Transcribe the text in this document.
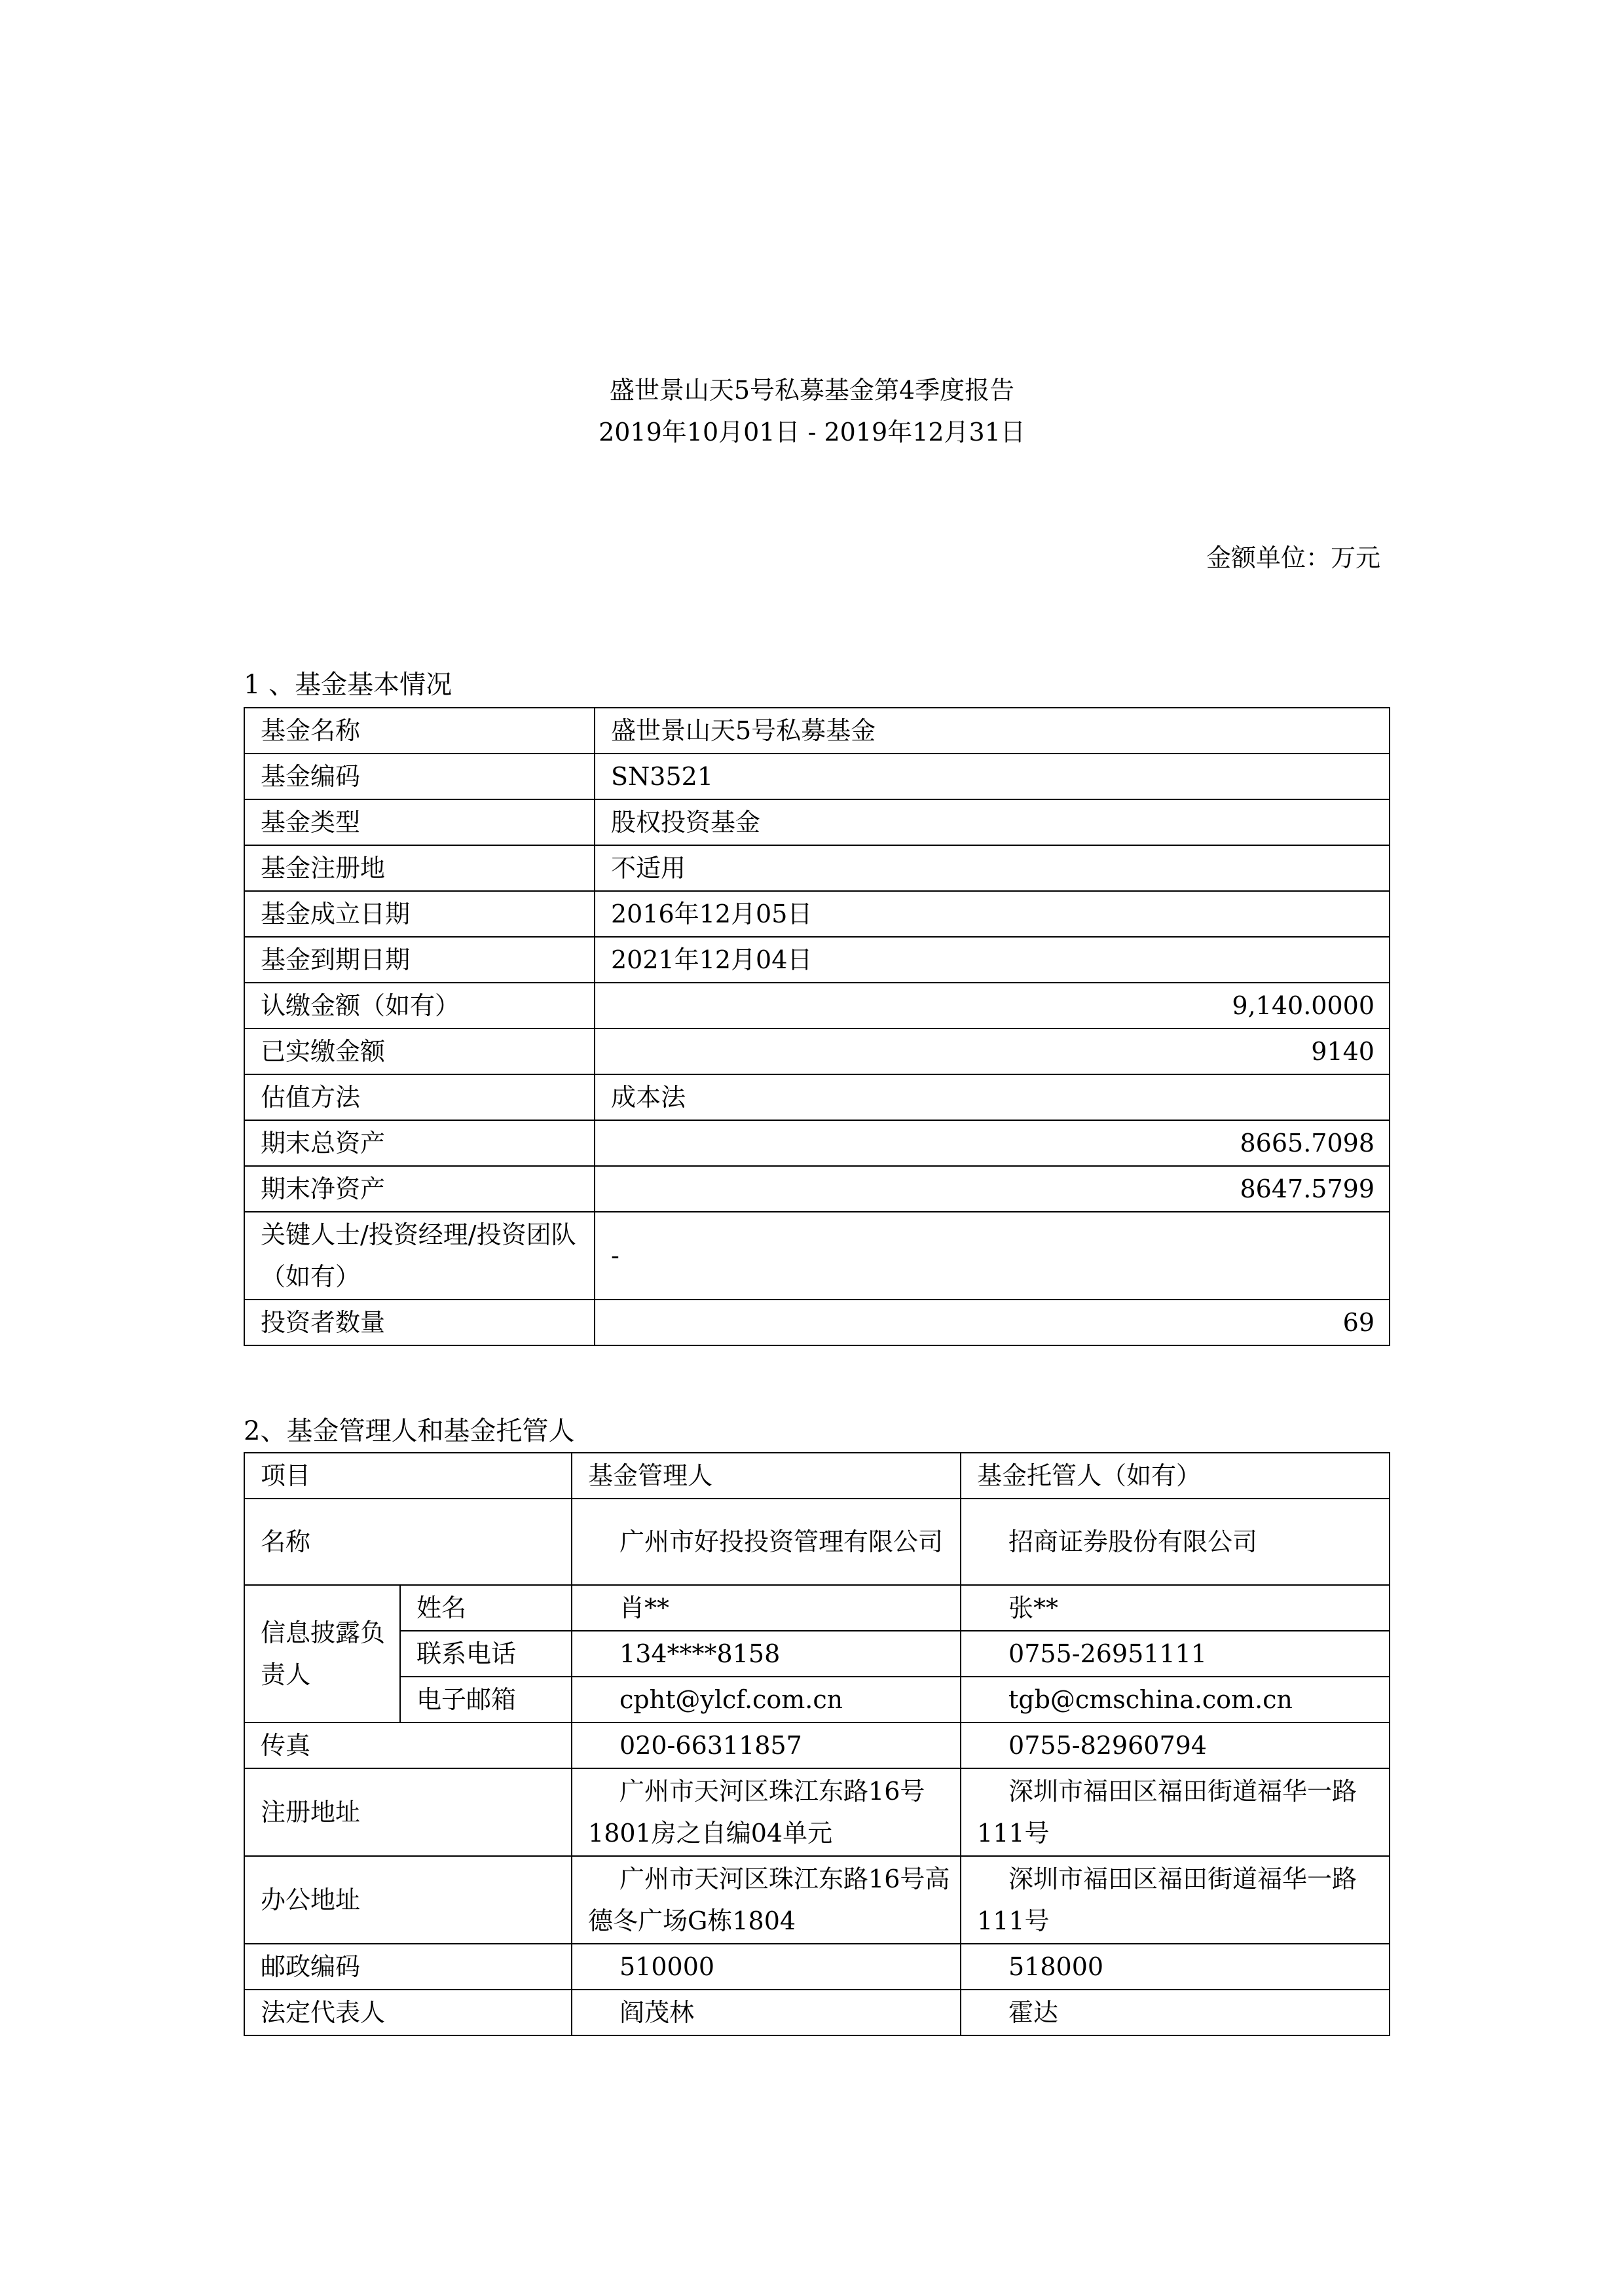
盛世景山天5号私募基金第4季度报告
2019年10月01日 - 2019年12月31日
金额单位：万元
1 、基金基本情况
基金名称	盛世景山天5号私募基金
基金编码	SN3521
基金类型	股权投资基金
基金注册地	不适用
基金成立日期	2016年12月05日
基金到期日期	2021年12月04日
认缴金额（如有）	9,140.0000
已实缴金额	9140
估值方法	成本法
期末总资产	8665.7098
期末净资产	8647.5799
关键人士/投资经理/投资团队（如有）	-
投资者数量	69
2、基金管理人和基金托管人
项目		基金管理人	基金托管人（如有）
名称		广州市好投投资管理有限公司	招商证券股份有限公司
信息披露负责人	姓名	肖**	张**
	联系电话	134****8158	0755-26951111
	电子邮箱	cpht@ylcf.com.cn	tgb@cmschina.com.cn
传真		020-66311857	0755-82960794
注册地址		广州市天河区珠江东路16号1801房之自编04单元	深圳市福田区福田街道福华一路111号
办公地址		广州市天河区珠江东路16号高德冬广场G栋1804	深圳市福田区福田街道福华一路111号
邮政编码		510000	518000
法定代表人		阎茂林	霍达
